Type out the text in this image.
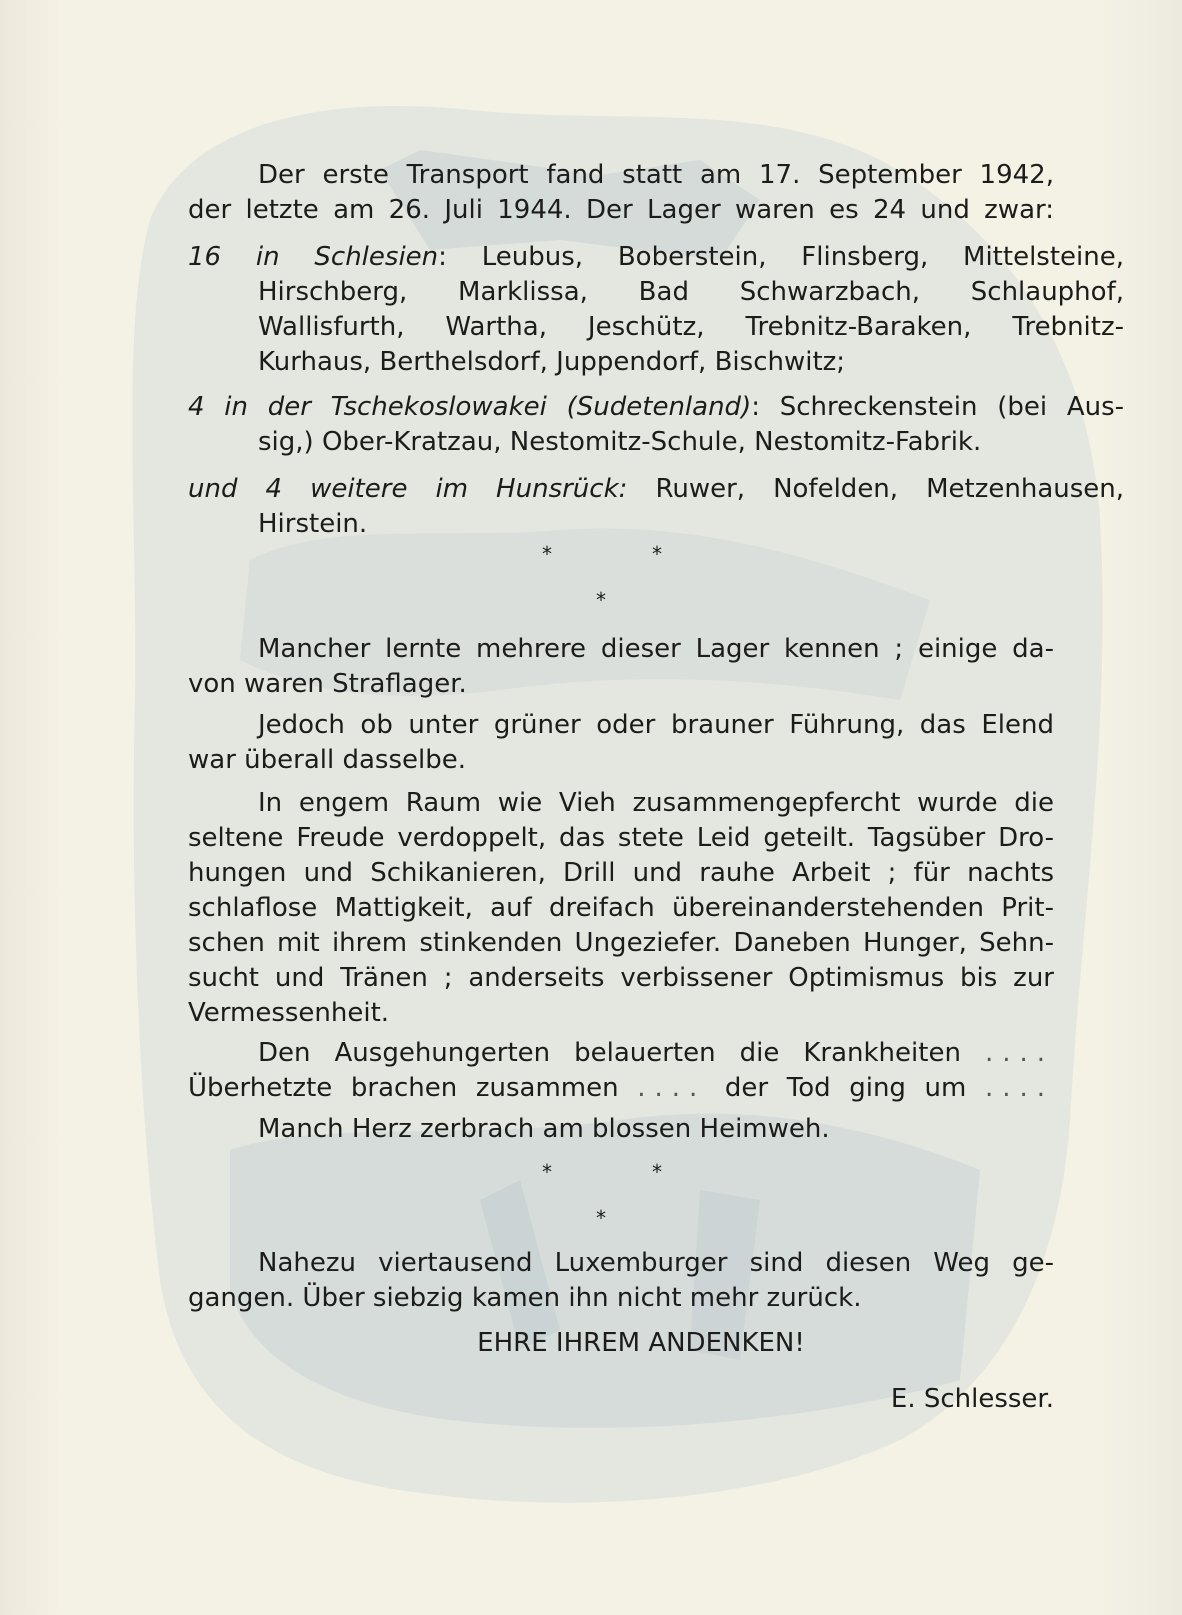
Der erste Transport fand statt am 17. September 1942,
der letzte am 26. Juli 1944. Der Lager waren es 24 und zwar:
16 in Schlesien: Leubus, Boberstein, Flinsberg, Mittelsteine,
Hirschberg, Marklissa, Bad Schwarzbach, Schlauphof,
Wallisfurth, Wartha, Jeschütz, Trebnitz-Baraken, Trebnitz-
Kurhaus, Berthelsdorf, Juppendorf, Bischwitz;
4 in der Tschekoslowakei (Sudetenland): Schreckenstein (bei Aus-
sig,) Ober-Kratzau, Nestomitz-Schule, Nestomitz-Fabrik.
und 4 weitere im Hunsrück: Ruwer, Nofelden, Metzenhausen,
Hirstein.
*	*
*
Mancher lernte mehrere dieser Lager kennen ; einige da-
von waren Straflager.
Jedoch ob unter grüner oder brauner Führung, das Elend
war überall dasselbe.
In engem Raum wie Vieh zusammengepfercht wurde die
seltene Freude verdoppelt, das stete Leid geteilt. Tagsüber Dro-
hungen und Schikanieren, Drill und rauhe Arbeit ; für nachts
schlaflose Mattigkeit, auf dreifach übereinanderstehenden Prit-
schen mit ihrem stinkenden Ungeziefer. Daneben Hunger, Sehn-
sucht und Tränen ; anderseits verbissener Optimismus bis zur
Vermessenheit.
Den Ausgehungerten belauerten die Krankheiten ....
Überhetzte brachen zusammen .... der Tod ging um ....
Manch Herz zerbrach am blossen Heimweh.
*	*
*
Nahezu viertausend Luxemburger sind diesen Weg ge-
gangen. Über siebzig kamen ihn nicht mehr zurück.
EHRE IHREM ANDENKEN!
E. Schlesser.
